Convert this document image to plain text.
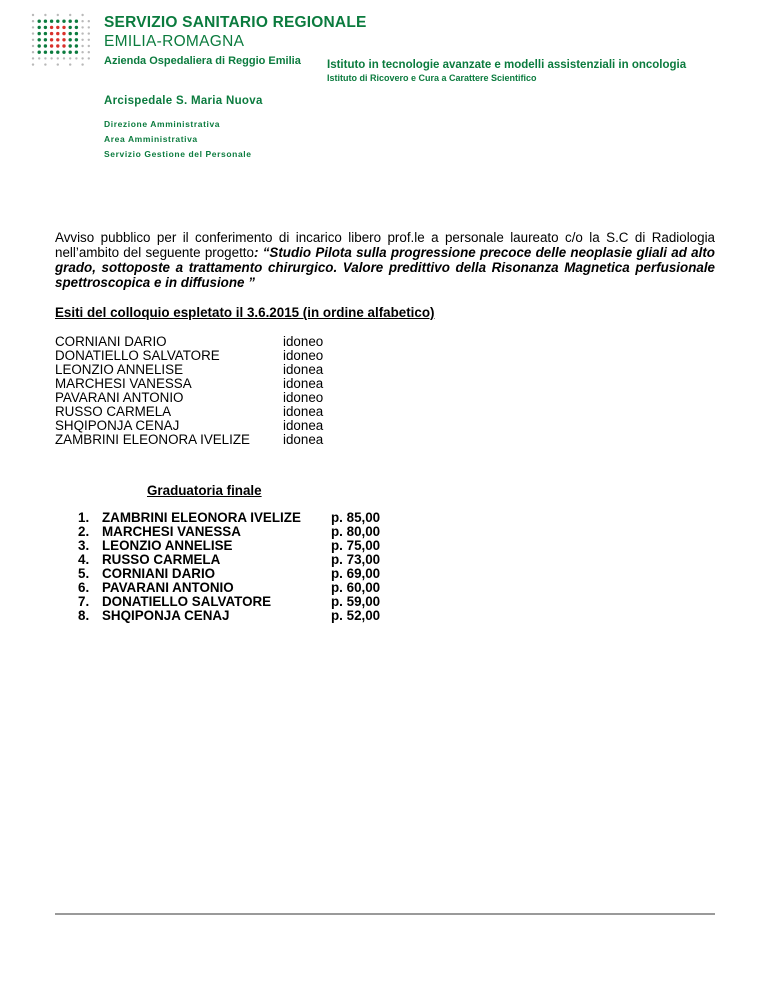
SERVIZIO SANITARIO REGIONALE
EMILIA-ROMAGNA
Azienda Ospedaliera di Reggio Emilia Istituto in tecnologie avanzate e modelli assistenziali in oncologia
Istituto di Ricovero e Cura a Carattere Scientifico
Arcispedale S. Maria Nuova
Direzione Amministrativa
Area Amministrativa
Servizio Gestione del Personale
Avviso pubblico per il conferimento di incarico libero prof.le a personale laureato c/o la S.C di Radiologia nell’ambito del seguente progetto: “Studio Pilota sulla progressione precoce delle neoplasie gliali ad alto grado, sottoposte a trattamento chirurgico. Valore predittivo della Risonanza Magnetica perfusionale spettroscopica e in diffusione ”
Esiti del colloquio espletato il 3.6.2015 (in ordine alfabetico)
CORNIANI DARIO	idoneo
DONATIELLO SALVATORE	idoneo
LEONZIO ANNELISE	idonea
MARCHESI VANESSA	idonea
PAVARANI ANTONIO	idoneo
RUSSO CARMELA	idonea
SHQIPONJA CENAJ	idonea
ZAMBRINI ELEONORA IVELIZE	idonea
Graduatoria finale
1. ZAMBRINI ELEONORA IVELIZE	p. 85,00
2. MARCHESI VANESSA	p. 80,00
3. LEONZIO ANNELISE	p. 75,00
4. RUSSO CARMELA	p. 73,00
5. CORNIANI DARIO	p. 69,00
6. PAVARANI ANTONIO	p. 60,00
7. DONATIELLO SALVATORE	p. 59,00
8. SHQIPONJA CENAJ	p. 52,00
